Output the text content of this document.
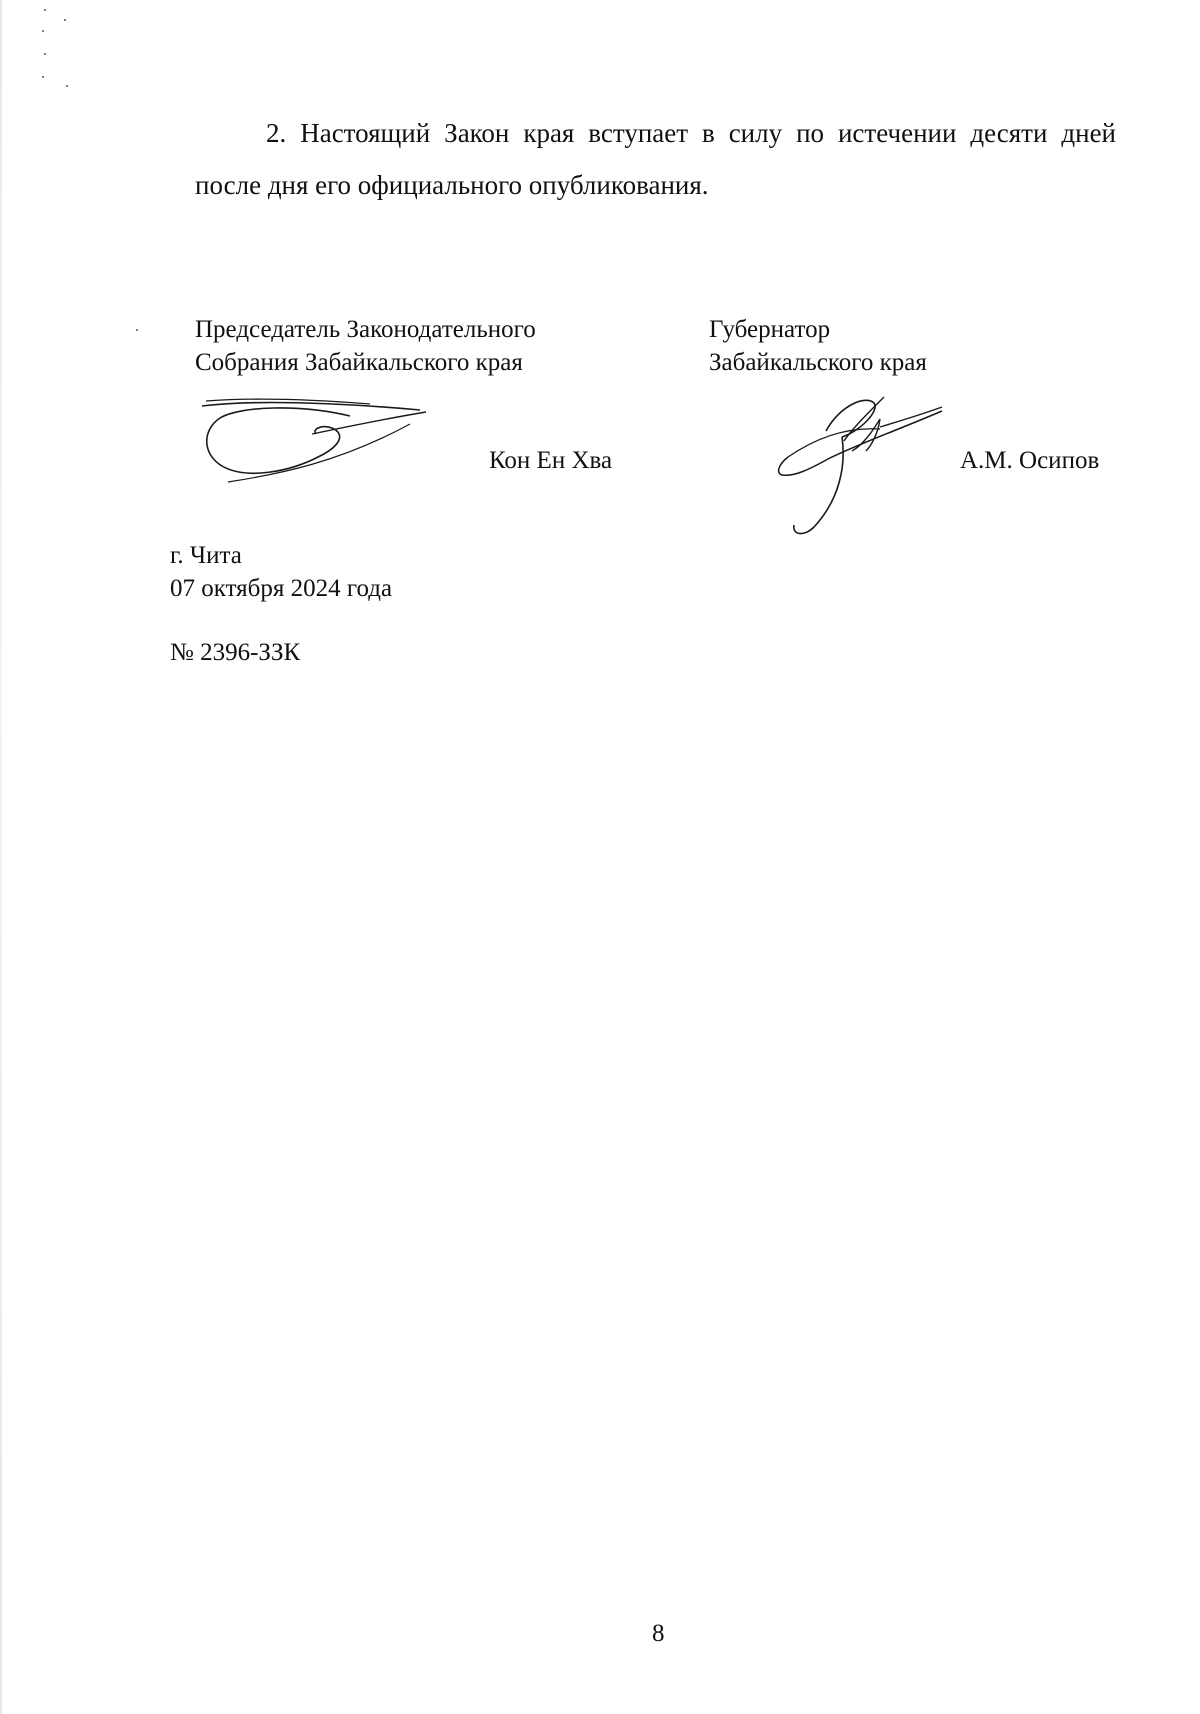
2. Настоящий Закон края вступает в силу по истечении десяти дней
после дня его официального опубликования.
Председатель Законодательного
Собрания Забайкальского края
Губернатор
Забайкальского края
Кон Ен Хва	А.М. Осипов
г. Чита
07 октября 2024 года
№ 2396-ЗЗК
8
